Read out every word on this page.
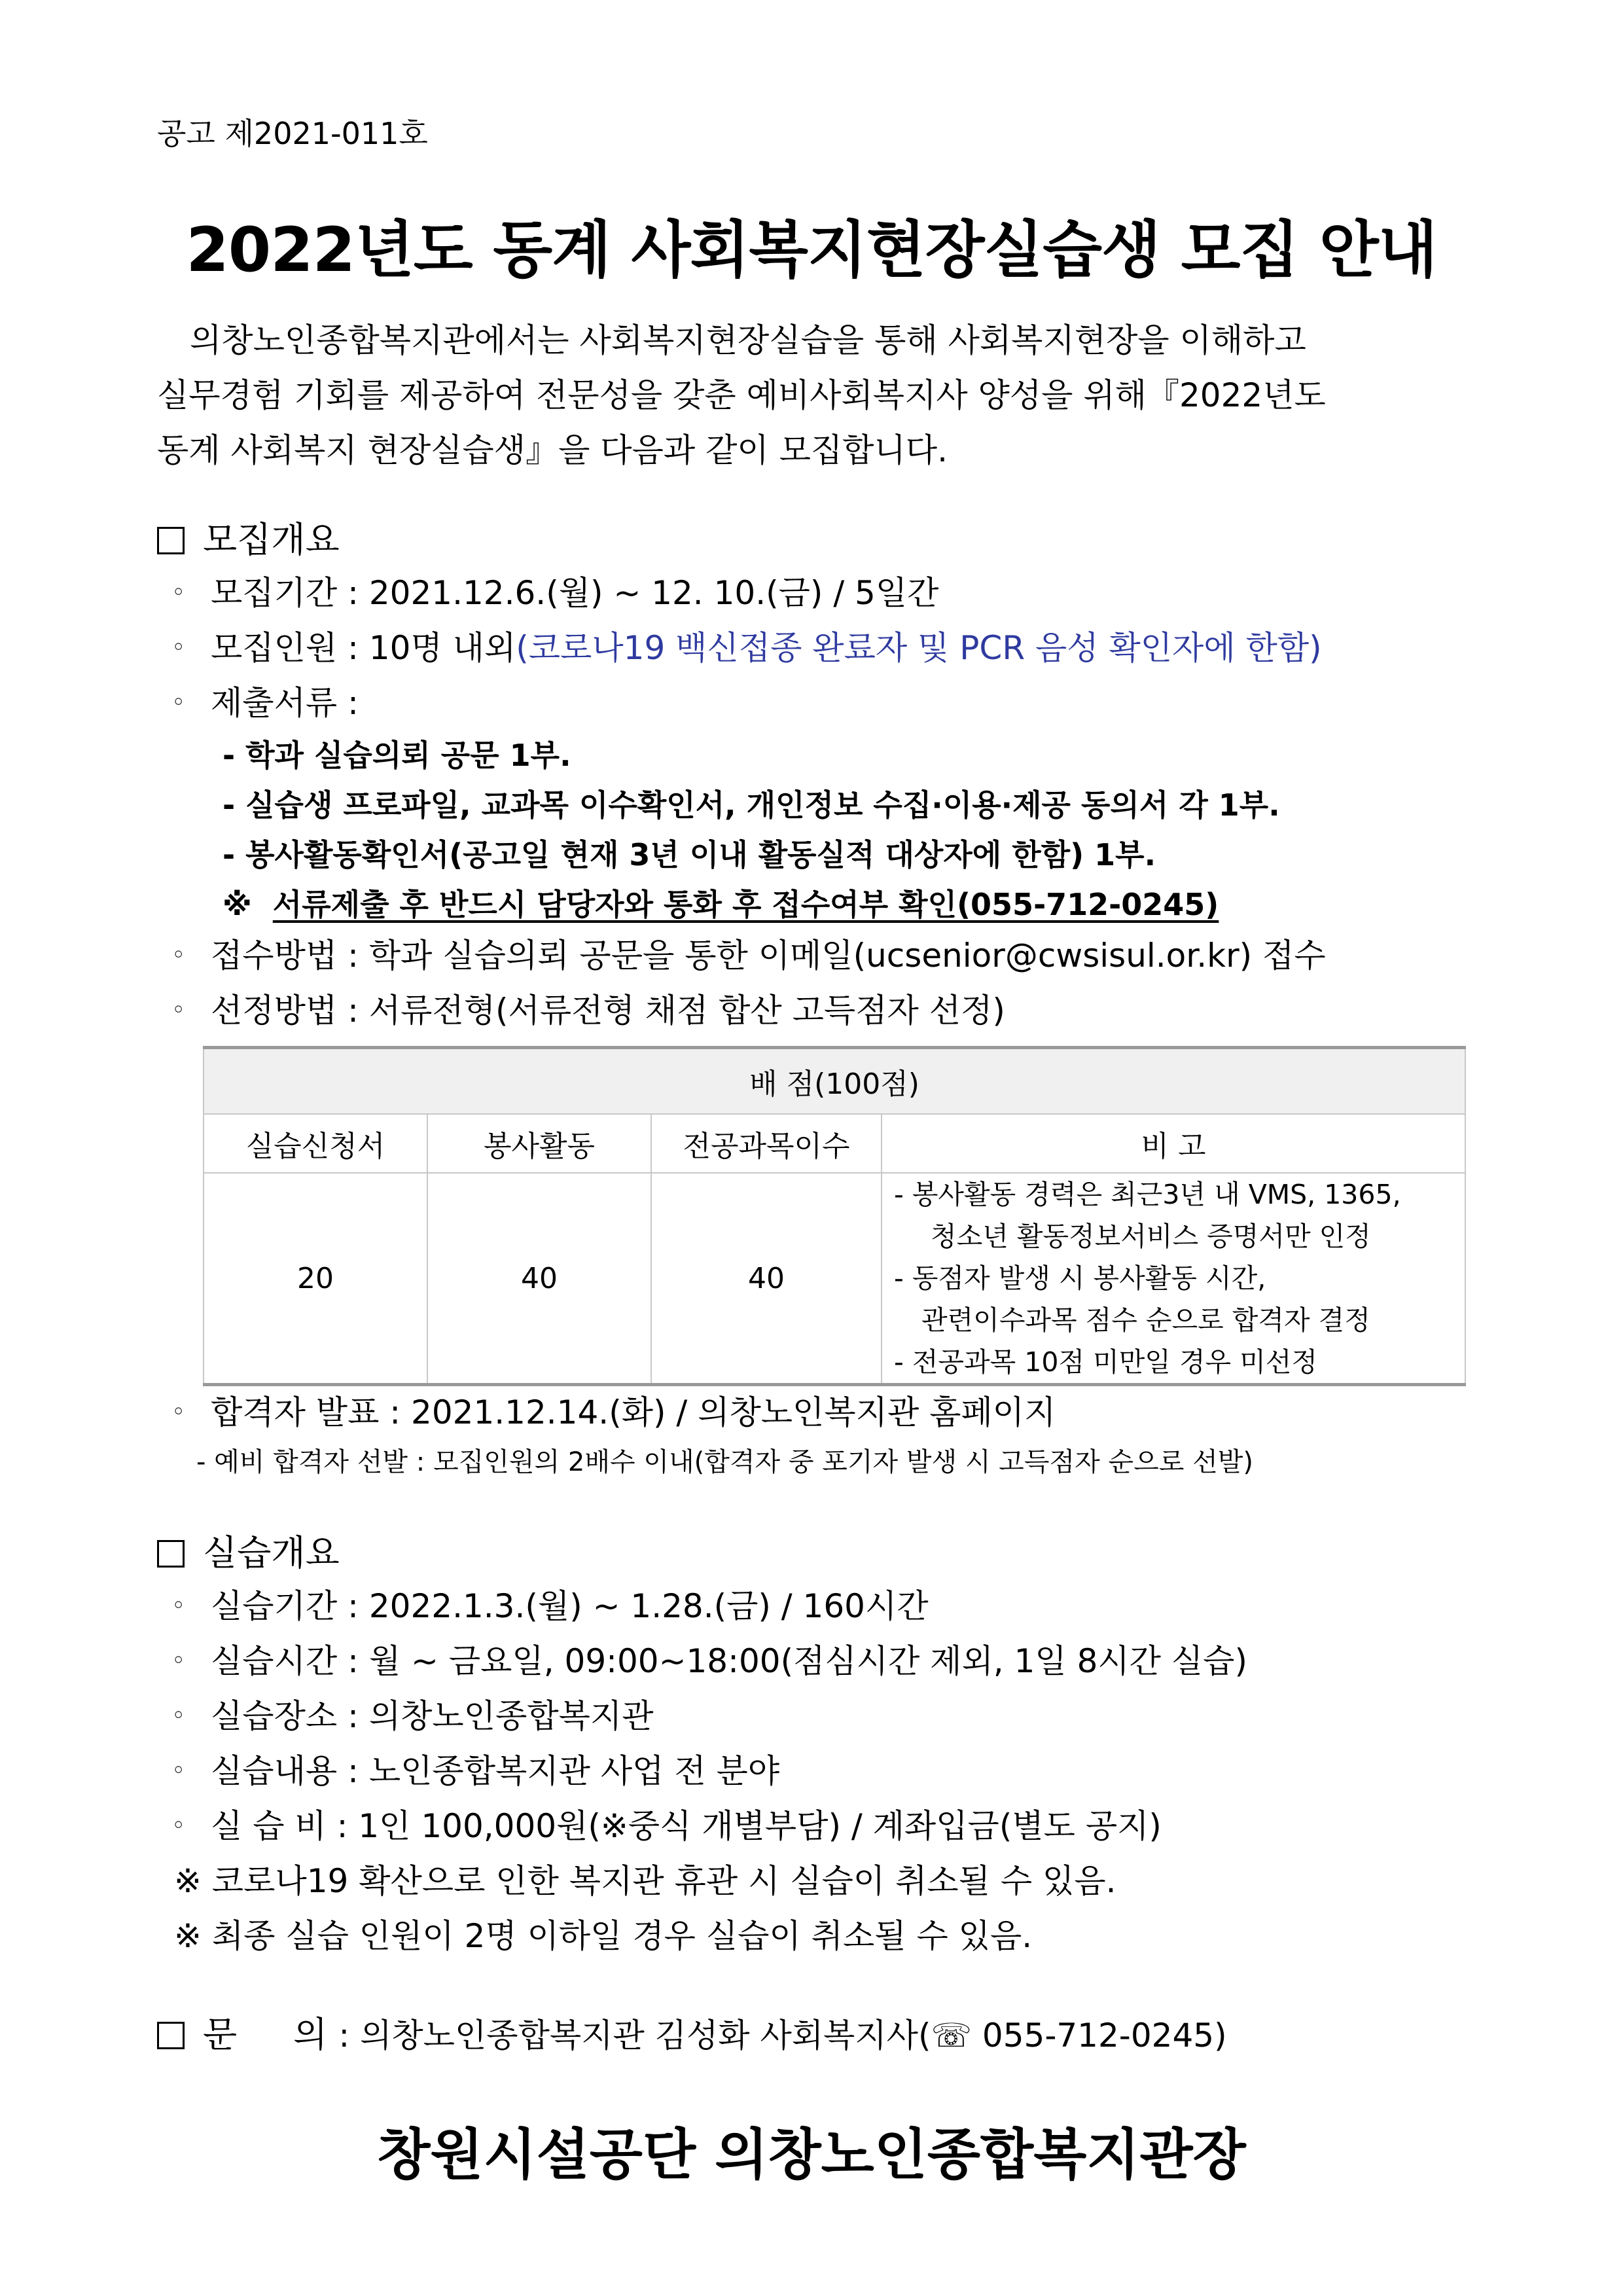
공고 제2021-011호
2022년도 동계 사회복지현장실습생 모집 안내
의창노인종합복지관에서는 사회복지현장실습을 통해 사회복지현장을 이해하고
실무경험 기회를 제공하여 전문성을 갖춘 예비사회복지사 양성을 위해『2022년도
동계 사회복지 현장실습생』을 다음과 같이 모집합니다.
모집개요
◦ 모집기간 : 2021.12.6.(월) ~ 12. 10.(금) / 5일간
◦ 모집인원 : 10명 내외(코로나19 백신접종 완료자 및 PCR 음성 확인자에 한함)
◦ 제출서류 :
- 학과 실습의뢰 공문 1부.
- 실습생 프로파일, 교과목 이수확인서, 개인정보 수집·이용·제공 동의서 각 1부.
- 봉사활동확인서(공고일 현재 3년 이내 활동실적 대상자에 한함) 1부.
※ 서류제출 후 반드시 담당자와 통화 후 접수여부 확인(055-712-0245)
◦ 접수방법 : 학과 실습의뢰 공문을 통한 이메일(ucsenior@cwsisul.or.kr) 접수
◦ 선정방법 : 서류전형(서류전형 채점 합산 고득점자 선정)
배 점(100점)			
실습신청서	봉사활동	전공과목이수	비 고
20	40	40	- 봉사활동 경력은 최근3년 내 VMS, 1365,
청소년 활동정보서비스 증명서만 인정
- 동점자 발생 시 봉사활동 시간,
관련이수과목 점수 순으로 합격자 결정
- 전공과목 10점 미만일 경우 미선정
◦ 합격자 발표 : 2021.12.14.(화) / 의창노인복지관 홈페이지
- 예비 합격자 선발 : 모집인원의 2배수 이내(합격자 중 포기자 발생 시 고득점자 순으로 선발)
실습개요
◦ 실습기간 : 2022.1.3.(월) ~ 1.28.(금) / 160시간
◦ 실습시간 : 월 ~ 금요일, 09:00~18:00(점심시간 제외, 1일 8시간 실습)
◦ 실습장소 : 의창노인종합복지관
◦ 실습내용 : 노인종합복지관 사업 전 분야
◦ 실 습 비 : 1인 100,000원(※중식 개별부담) / 계좌입금(별도 공지)
※ 코로나19 확산으로 인한 복지관 휴관 시 실습이 취소될 수 있음.
※ 최종 실습 인원이 2명 이하일 경우 실습이 취소될 수 있음.
문     의 : 의창노인종합복지관 김성화 사회복지사(☏ 055-712-0245)
창원시설공단 의창노인종합복지관장
